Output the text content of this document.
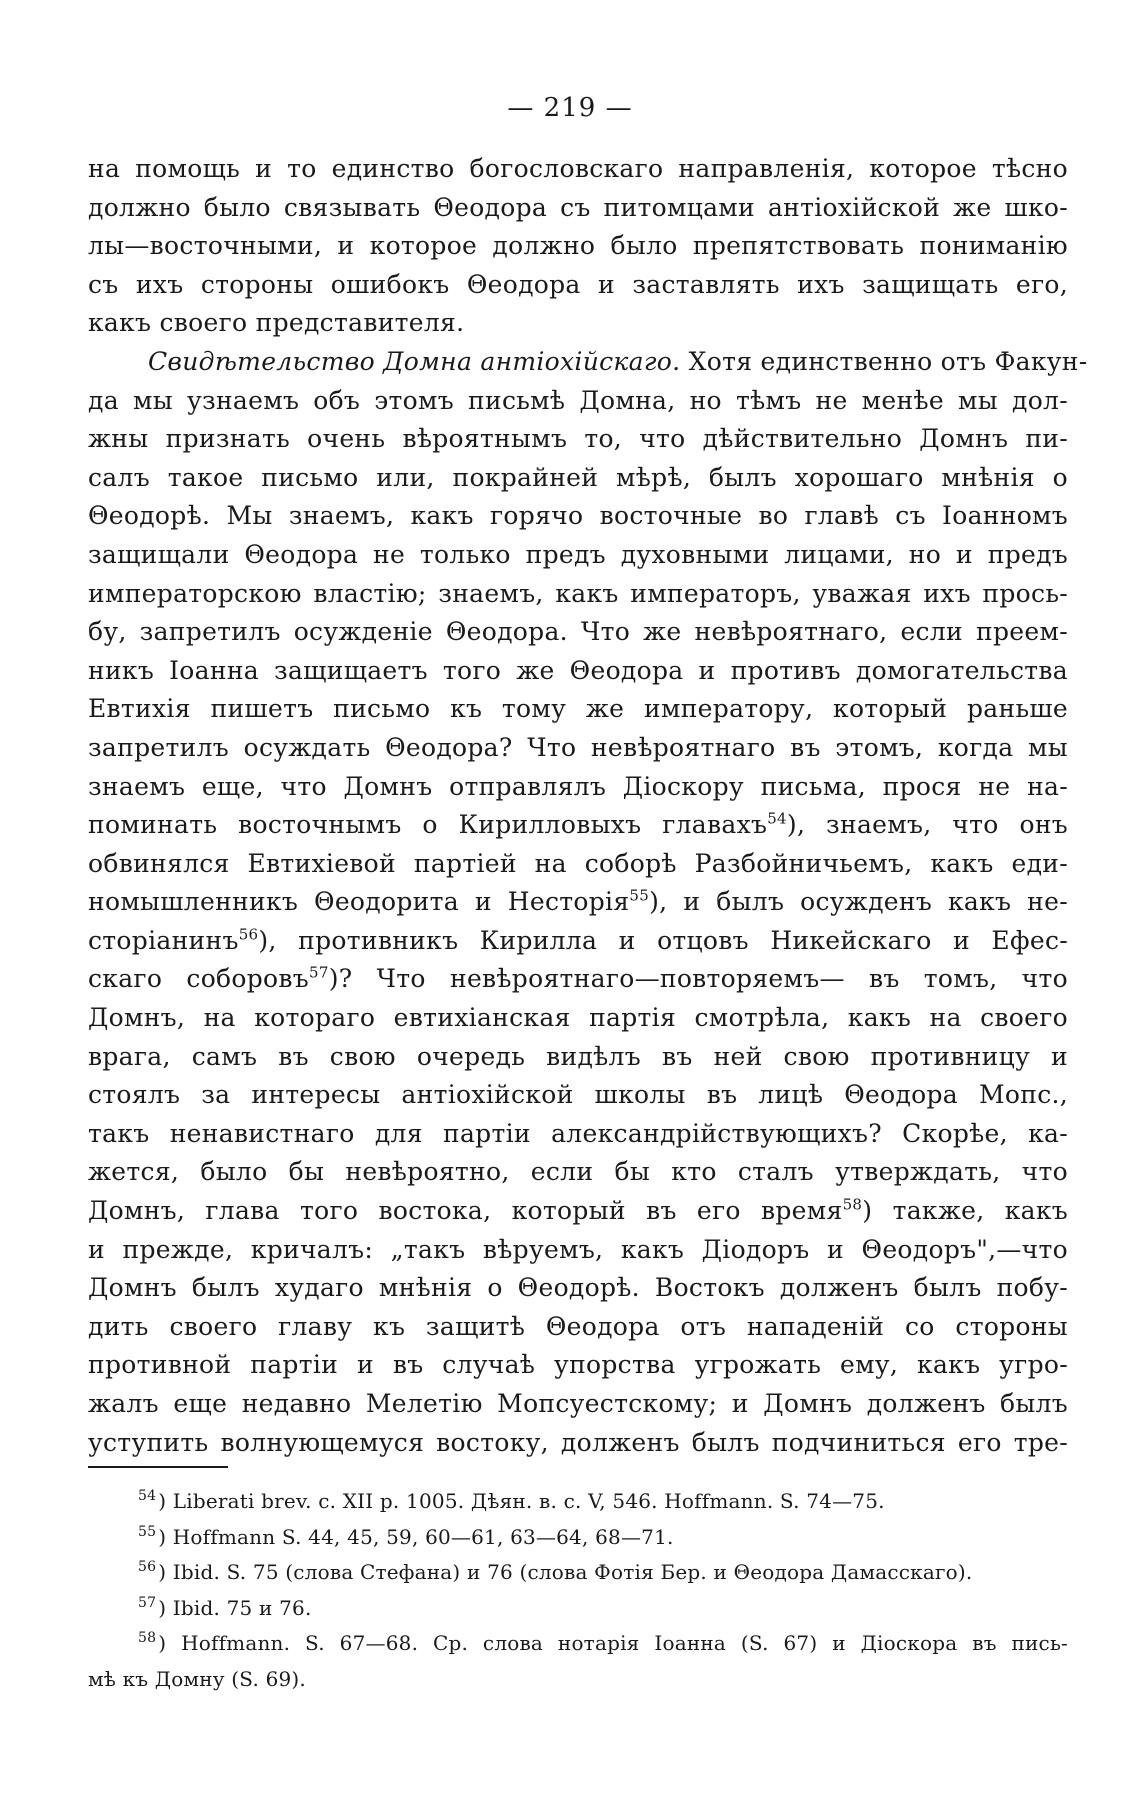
— 219 —
на помощь и то единство богословскаго направленія, которое тѣсно
должно было связывать Θеодора съ питомцами антіохійской же шко-
лы—восточными, и которое должно было препятствовать пониманію
съ ихъ стороны ошибокъ Θеодора и заставлять ихъ защищать его,
какъ своего представителя.
Свидѣтельство Домна антіохійскаго. Хотя единственно отъ Факун-
да мы узнаемъ объ этомъ письмѣ Домна, но тѣмъ не менѣе мы дол-
жны признать очень вѣроятнымъ то, что дѣйствительно Домнъ пи-
салъ такое письмо или, покрайней мѣрѣ, былъ хорошаго мнѣнія о
Θеодорѣ. Мы знаемъ, какъ горячо восточные во главѣ съ Іоанномъ
защищали Θеодора не только предъ духовными лицами, но и предъ
императорскою властію; знаемъ, какъ императоръ, уважая ихъ прось-
бу, запретилъ осужденіе Θеодора. Что же невѣроятнаго, если преем-
никъ Іоанна защищаетъ того же Θеодора и противъ домогательства
Евтихія пишетъ письмо къ тому же императору, который раньше
запретилъ осуждать Θеодора? Что невѣроятнаго въ этомъ, когда мы
знаемъ еще, что Домнъ отправлялъ Діоскору письма, прося не на-
поминать восточнымъ о Кирилловыхъ главахъ$^{54}$), знаемъ, что онъ
обвинялся Евтихіевой партіей на соборѣ Разбойничьемъ, какъ еди-
номышленникъ Θеодорита и Несторія$^{55}$), и былъ осужденъ какъ не-
сторіанинъ$^{56}$), противникъ Кирилла и отцовъ Никейскаго и Ефес-
скаго соборовъ$^{57}$)? Что невѣроятнаго—повторяемъ— въ томъ, что
Домнъ, на котораго евтихіанская партія смотрѣла, какъ на своего
врага, самъ въ свою очередь видѣлъ въ ней свою противницу и
стоялъ за интересы антіохійской школы въ лицѣ Θеодора Мопс.,
такъ ненавистнаго для партіи александрійствующихъ? Скорѣе, ка-
жется, было бы невѣроятно, если бы кто сталъ утверждать, что
Домнъ, глава того востока, который въ его время$^{58}$) также, какъ
и прежде, кричалъ: „такъ вѣруемъ, какъ Діодоръ и Θеодоръ",—что
Домнъ былъ худаго мнѣнія о Θеодорѣ. Востокъ долженъ былъ побу-
дить своего главу къ защитѣ Θеодора отъ нападеній со стороны
противной партіи и въ случаѣ упорства угрожать ему, какъ угро-
жалъ еще недавно Мелетію Мопсуестскому; и Домнъ долженъ былъ
уступить волнующемуся востоку, долженъ былъ подчиниться его тре-
$^{54}$ ) Liberati brev. c. XII p. 1005. Дѣян. в. с. V, 546. Hoffmann. S. 74—75.
$^{55}$ ) Hoffmann S. 44, 45, 59, 60—61, 63—64, 68—71.
$^{56}$ ) Ibid. S. 75 (слова Стефана) и 76 (слова Фотія Бер. и Θеодора Дамасскаго).
$^{57}$ ) Ibid. 75 и 76.
$^{58}$ ) Hoffmann. S. 67—68. Ср. слова нотарія Іоанна (S. 67) и Діоскора въ пись-
мѣ къ Домну (S. 69).
